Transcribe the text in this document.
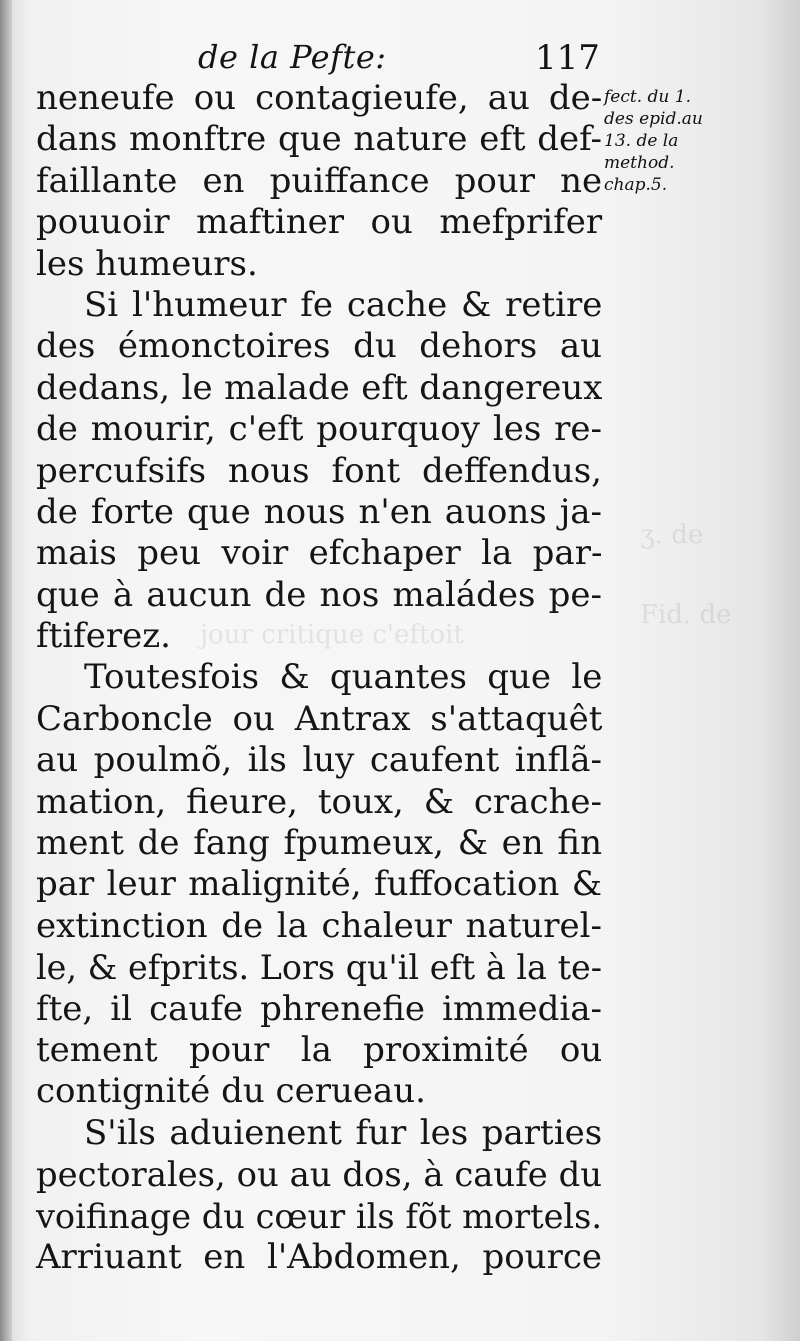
ʒ. de
Fid. de
jour critique c'eftoit
de la Pefte:	117
fect. du 1.
des epid.au
13. de la
method.
chap.5.
neneufe ou contagieufe, au de-
dans monftre que nature eft def-
faillante en puiffance pour ne
pouuoir maftiner ou mefprifer
les humeurs.
Si l'humeur fe cache & retire
des émonctoires du dehors au
dedans, le malade eft dangereux
de mourir, c'eft pourquoy les re-
percufsifs nous font deffendus,
de forte que nous n'en auons ja-
mais peu voir efchaper la par-
que à aucun de nos maládes pe-
ftiferez.
Toutesfois & quantes que le
Carboncle ou Antrax s'attaquêt
au poulmõ, ils luy caufent inflã-
mation, fieure, toux, & crache-
ment de fang fpumeux, & en fin
par leur malignité, fuffocation &
extinction de la chaleur naturel-
le, & efprits. Lors qu'il eft à la te-
fte, il caufe phrenefie immedia-
tement pour la proximité ou
contignité du cerueau.
S'ils aduienent fur les parties
pectorales, ou au dos, à caufe du
voifinage du cœur ils fõt mortels.
Arriuant en l'Abdomen, pource
